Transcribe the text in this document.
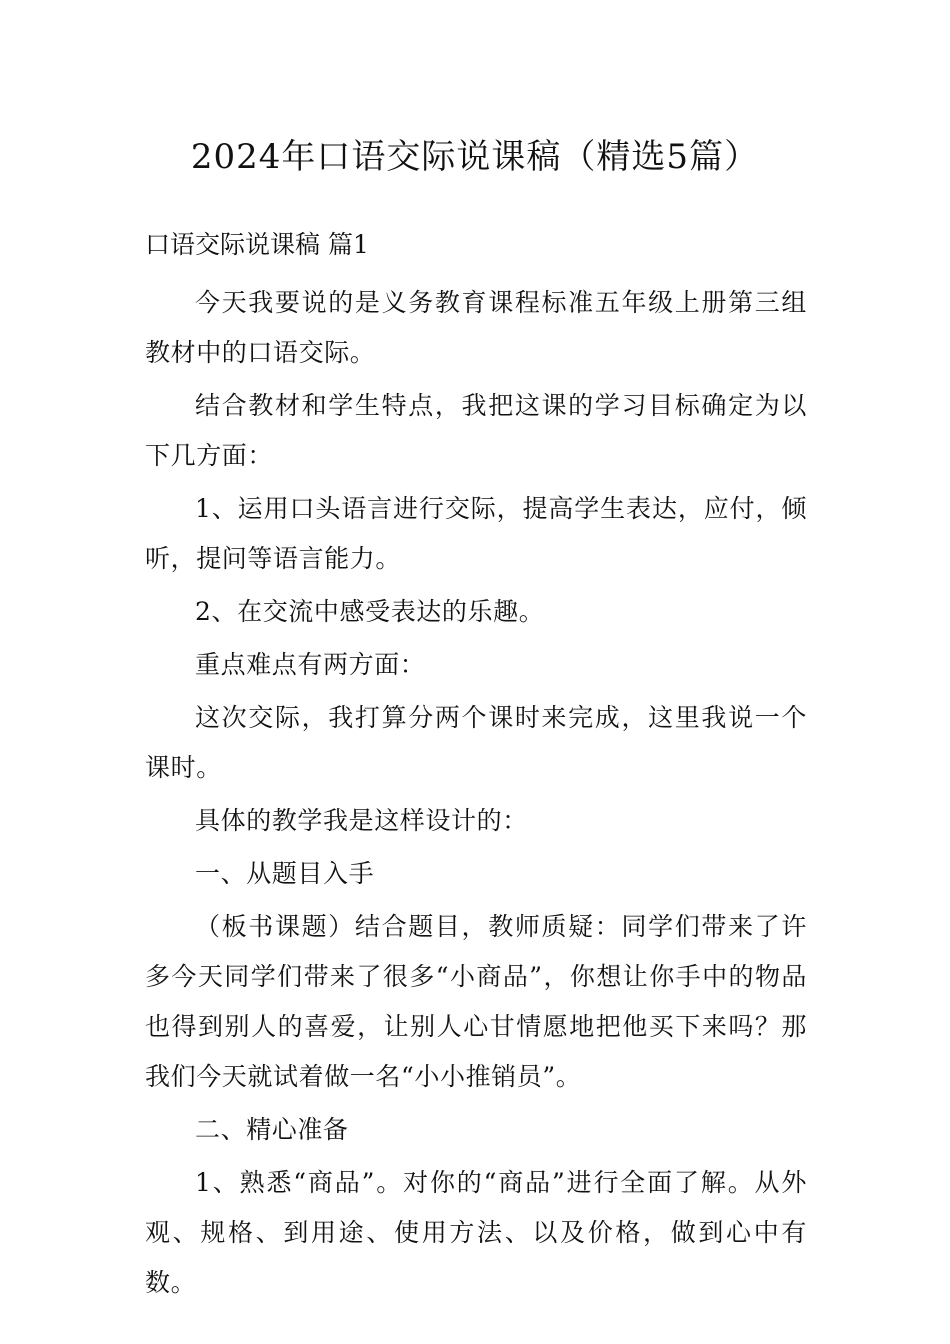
2024年口语交际说课稿（精选5篇）
口语交际说课稿 篇1

今天我要说的是义务教育课程标准五年级上册第三组教材中的口语交际。

结合教材和学生特点，我把这课的学习目标确定为以下几方面：

1、运用口头语言进行交际，提高学生表达，应付，倾听，提问等语言能力。

2、在交流中感受表达的乐趣。

重点难点有两方面：

这次交际，我打算分两个课时来完成，这里我说一个课时。

具体的教学我是这样设计的：

一、从题目入手

（板书课题）结合题目，教师质疑：同学们带来了许多今天同学们带来了很多“小商品”，你想让你手中的物品也得到别人的喜爱，让别人心甘情愿地把他买下来吗？那我们今天就试着做一名“小小推销员”。

二、精心准备

1、熟悉“商品”。对你的“商品”进行全面了解。从外观、规格、到用途、使用方法、以及价格，做到心中有数。
